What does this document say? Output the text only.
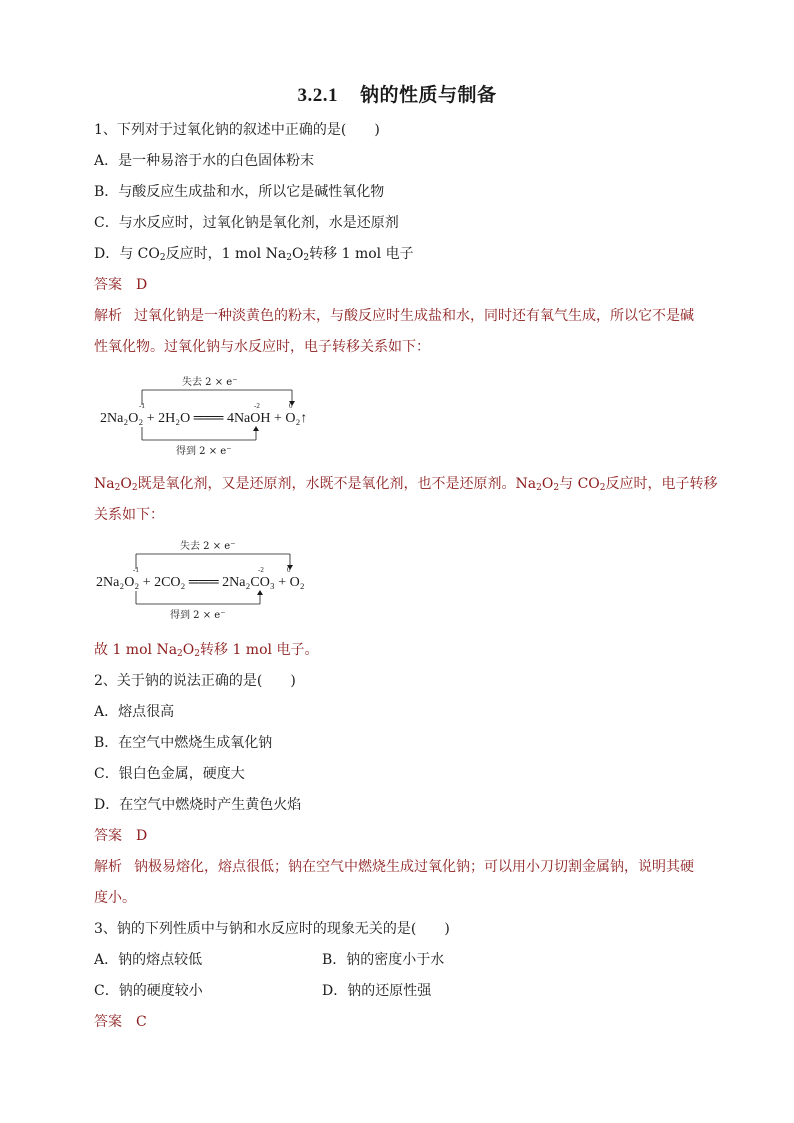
3.2.1 钠的性质与制备
1、下列对于过氧化钠的叙述中正确的是(　　)
A．是一种易溶于水的白色固体粉末
B．与酸反应生成盐和水，所以它是碱性氧化物
C．与水反应时，过氧化钠是氧化剂，水是还原剂
D．与 $CO_2$反应时，1 mol $Na_2O_2$转移 1 mol 电子
答案 D
解析 过氧化钠是一种淡黄色的粉末，与酸反应时生成盐和水，同时还有氧气生成，所以它不是碱
性氧化物。过氧化钠与水反应时，电子转移关系如下：
失去 2 × e⁻
-1	-2	0
2Na₂O₂ + 2H₂O ═══ 4NaOH + O₂↑
得到 2 × e⁻
$Na_2O_2$既是氧化剂，又是还原剂，水既不是氧化剂，也不是还原剂。$Na_2O_2$与 $CO_2$反应时，电子转移
关系如下：
失去 2 × e⁻
-1	-2	0
2Na₂O₂ + 2CO₂ ═══ 2Na₂CO₃ + O₂
得到 2 × e⁻
故 1 mol $Na_2O_2$转移 1 mol 电子。
2、关于钠的说法正确的是(　　)
A．熔点很高
B．在空气中燃烧生成氧化钠
C．银白色金属，硬度大
D．在空气中燃烧时产生黄色火焰
答案 D
解析 钠极易熔化，熔点很低；钠在空气中燃烧生成过氧化钠；可以用小刀切割金属钠，说明其硬
度小。
3、钠的下列性质中与钠和水反应时的现象无关的是(　　)
A．钠的熔点较低	B．钠的密度小于水
C．钠的硬度较小	D．钠的还原性强
答案 C
